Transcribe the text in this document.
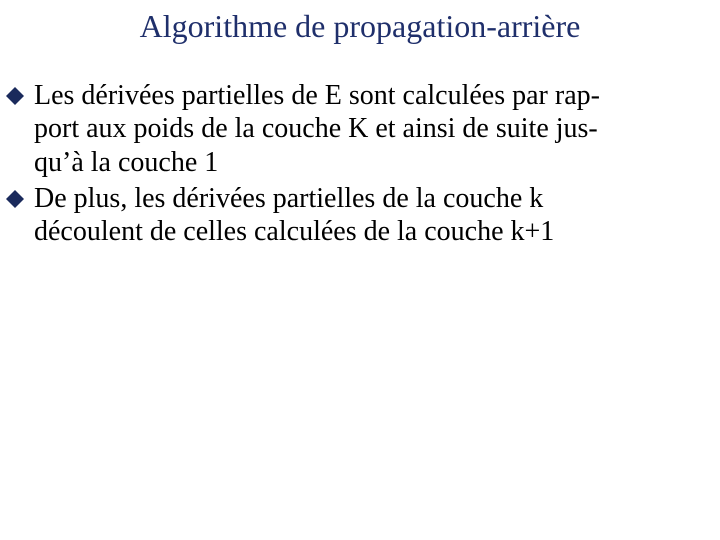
Algorithme de propagation-arrière
Les dérivées partielles de E sont calculées par rap-
port aux poids de la couche K et ainsi de suite jus-
qu’à la couche 1
De plus, les dérivées partielles de la couche k
découlent de celles calculées de la couche k+1
